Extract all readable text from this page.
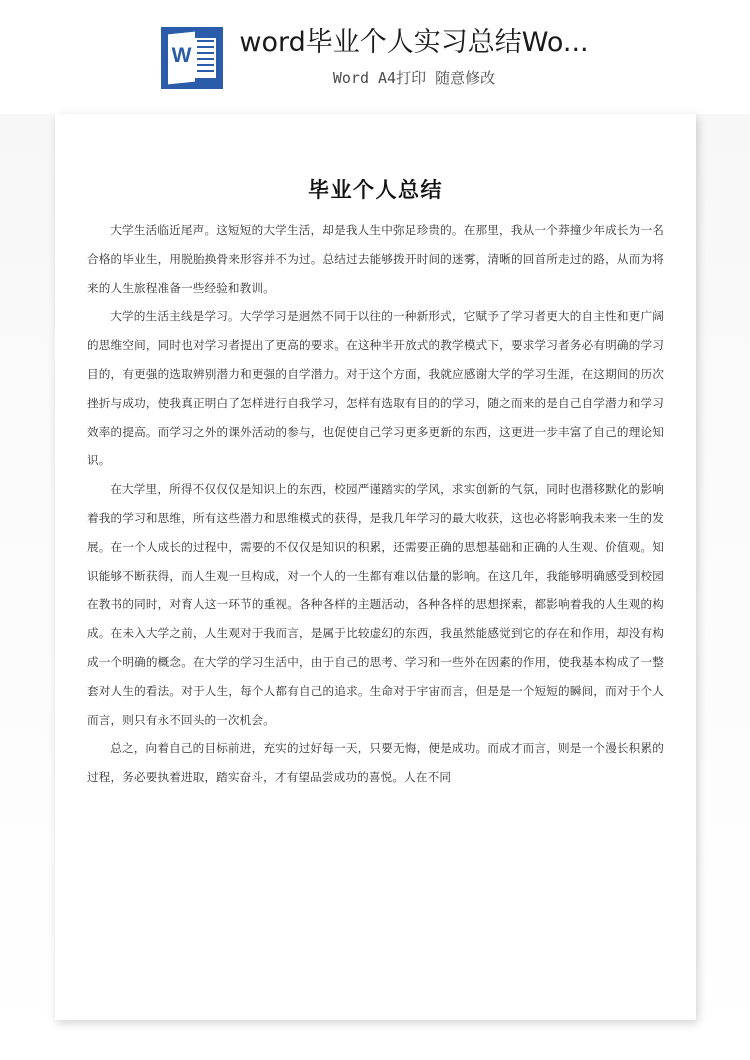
W
word毕业个人实习总结Wo...
Word A4打印 随意修改
毕业个人总结

大学生活临近尾声。这短短的大学生活，却是我人生中弥足珍贵的。在那里，我从一个莽撞少年成长为一名合格的毕业生，用脱胎换骨来形容并不为过。总结过去能够拨开时间的迷雾，清晰的回首所走过的路，从而为将来的人生旅程准备一些经验和教训。

大学的生活主线是学习。大学学习是迥然不同于以往的一种新形式，它赋予了学习者更大的自主性和更广阔的思维空间，同时也对学习者提出了更高的要求。在这种半开放式的教学模式下，要求学习者务必有明确的学习目的，有更强的选取辨别潜力和更强的自学潜力。对于这个方面，我就应感谢大学的学习生涯，在这期间的历次挫折与成功，使我真正明白了怎样进行自我学习，怎样有选取有目的的学习，随之而来的是自己自学潜力和学习效率的提高。而学习之外的课外活动的参与，也促使自己学习更多更新的东西，这更进一步丰富了自己的理论知识。

在大学里，所得不仅仅仅是知识上的东西，校园严谨踏实的学风，求实创新的气氛，同时也潜移默化的影响着我的学习和思维，所有这些潜力和思维模式的获得，是我几年学习的最大收获，这也必将影响我未来一生的发展。在一个人成长的过程中，需要的不仅仅是知识的积累，还需要正确的思想基础和正确的人生观、价值观。知识能够不断获得，而人生观一旦构成，对一个人的一生都有难以估量的影响。在这几年，我能够明确感受到校园在教书的同时，对育人这一环节的重视。各种各样的主题活动，各种各样的思想探索，都影响着我的人生观的构成。在未入大学之前，人生观对于我而言，是属于比较虚幻的东西，我虽然能感觉到它的存在和作用，却没有构成一个明确的概念。在大学的学习生活中，由于自己的思考、学习和一些外在因素的作用，使我基本构成了一整套对人生的看法。对于人生，每个人都有自己的追求。生命对于宇宙而言，但是是一个短短的瞬间，而对于个人而言，则只有永不回头的一次机会。

总之，向着自己的目标前进，充实的过好每一天，只要无悔，便是成功。而成才而言，则是一个漫长积累的过程，务必要执着进取，踏实奋斗，才有望品尝成功的喜悦。人在不同
